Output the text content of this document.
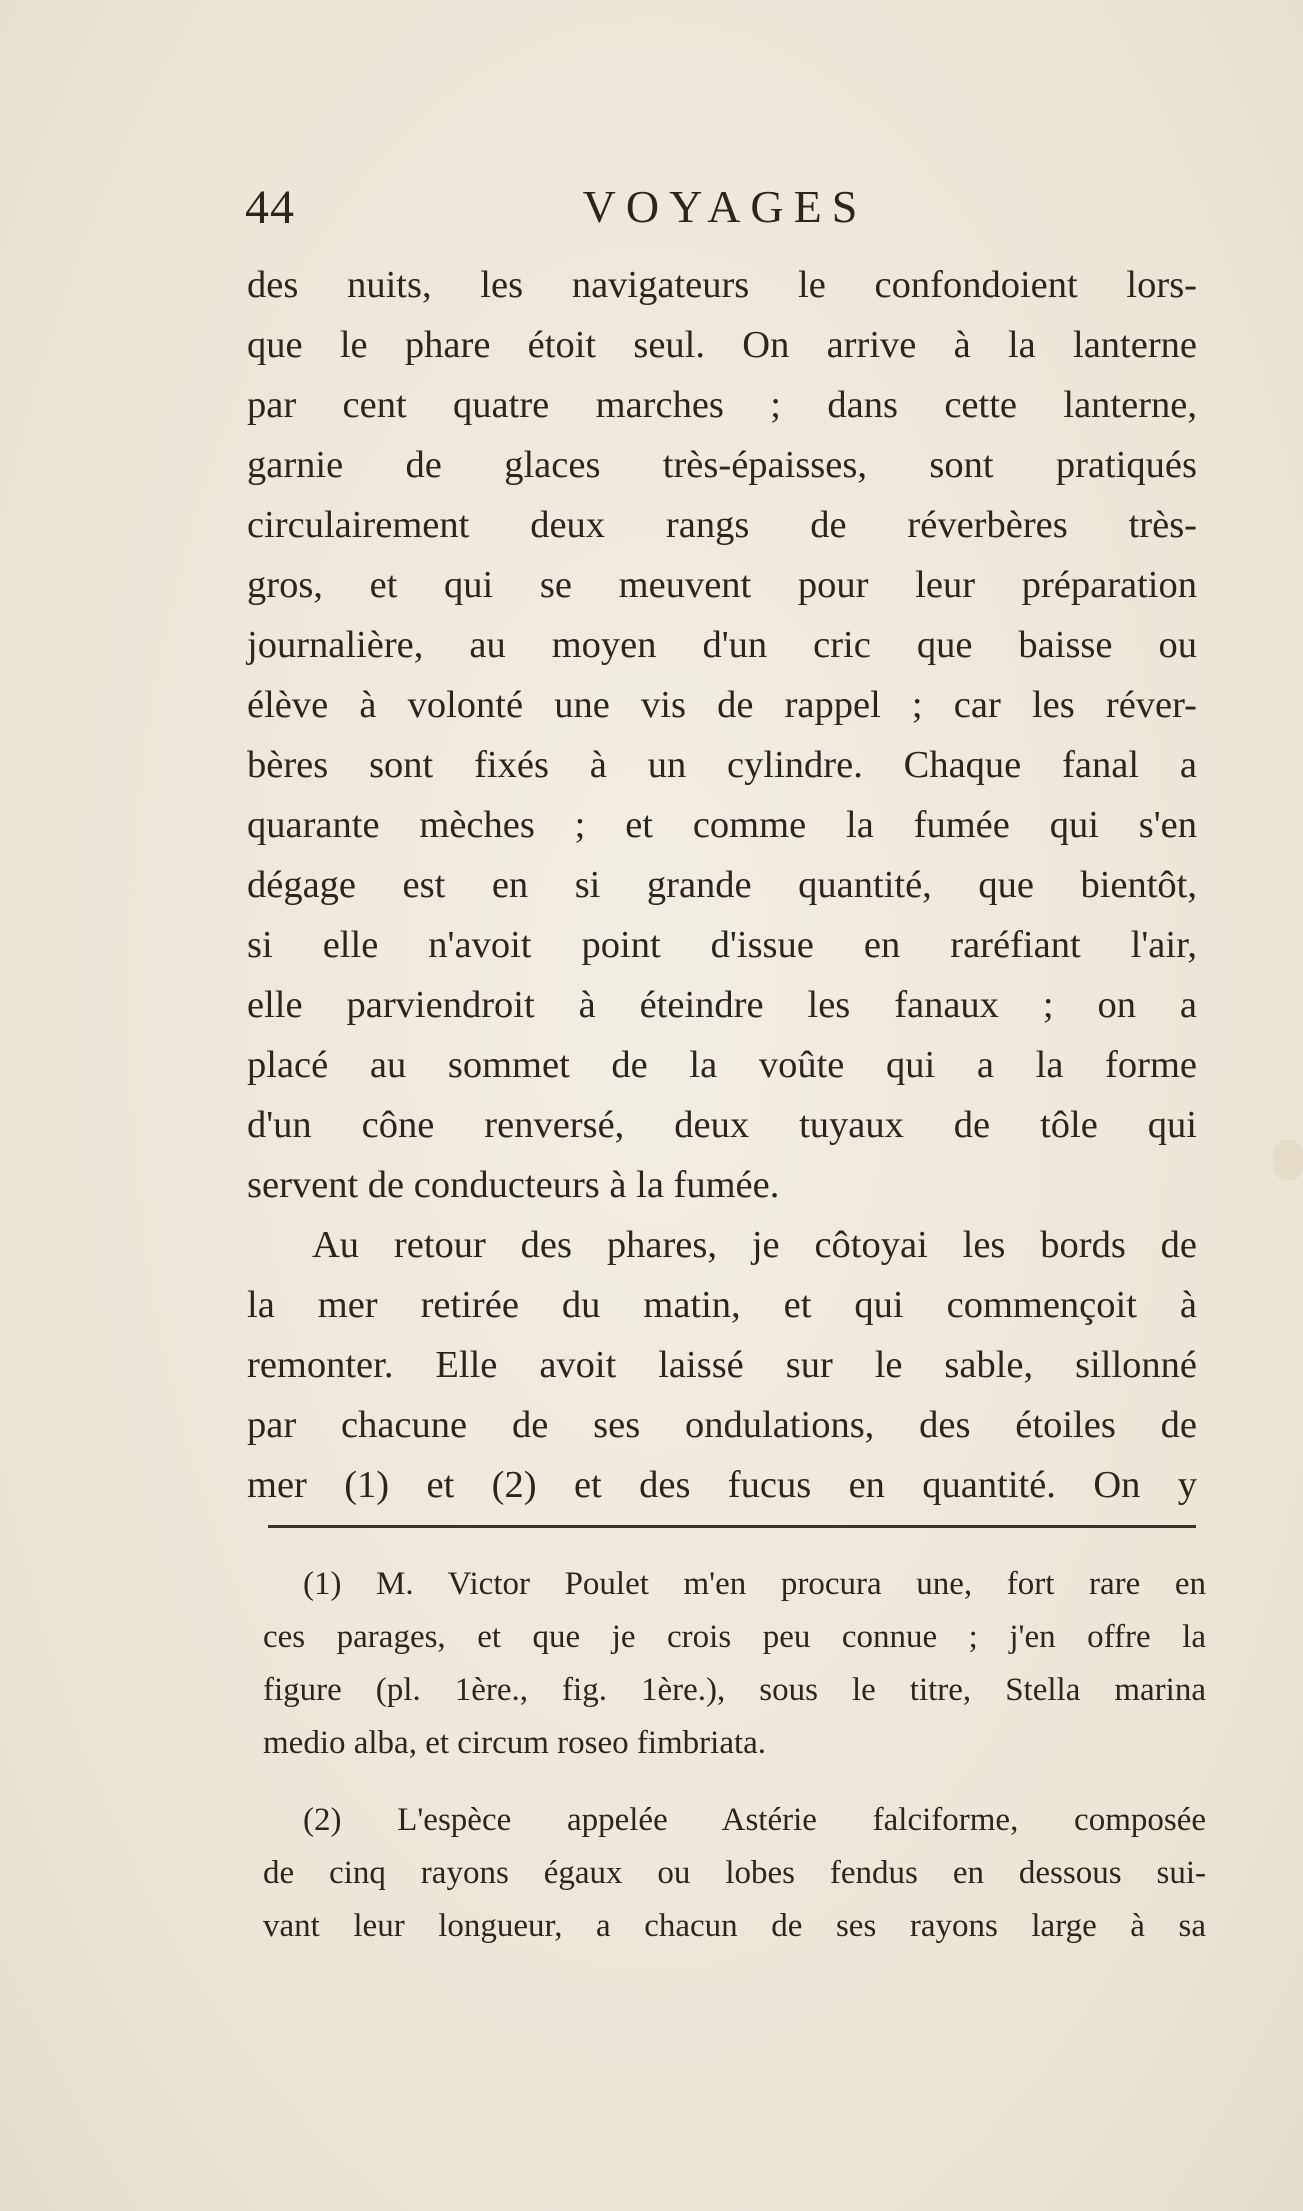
44	VOYAGES
des nuits, les navigateurs le confondoient lors-
que le phare étoit seul. On arrive à la lanterne
par cent quatre marches ; dans cette lanterne,
garnie de glaces très-épaisses, sont pratiqués
circulairement deux rangs de réverbères très-
gros, et qui se meuvent pour leur préparation
journalière, au moyen d'un cric que baisse ou
élève à volonté une vis de rappel ; car les réver-
bères sont fixés à un cylindre. Chaque fanal a
quarante mèches ; et comme la fumée qui s'en
dégage est en si grande quantité, que bientôt,
si elle n'avoit point d'issue en raréfiant l'air,
elle parviendroit à éteindre les fanaux ; on a
placé au sommet de la voûte qui a la forme
d'un cône renversé, deux tuyaux de tôle qui
servent de conducteurs à la fumée.
Au retour des phares, je côtoyai les bords de
la mer retirée du matin, et qui commençoit à
remonter. Elle avoit laissé sur le sable, sillonné
par chacune de ses ondulations, des étoiles de
mer (1) et (2) et des fucus en quantité. On y
(1) M. Victor Poulet m'en procura une, fort rare en
ces parages, et que je crois peu connue ; j'en offre la
figure (pl. 1ère., fig. 1ère.), sous le titre, Stella marina
medio alba, et circum roseo fimbriata.
(2) L'espèce appelée Astérie falciforme, composée
de cinq rayons égaux ou lobes fendus en dessous sui-
vant leur longueur, a chacun de ses rayons large à sa
